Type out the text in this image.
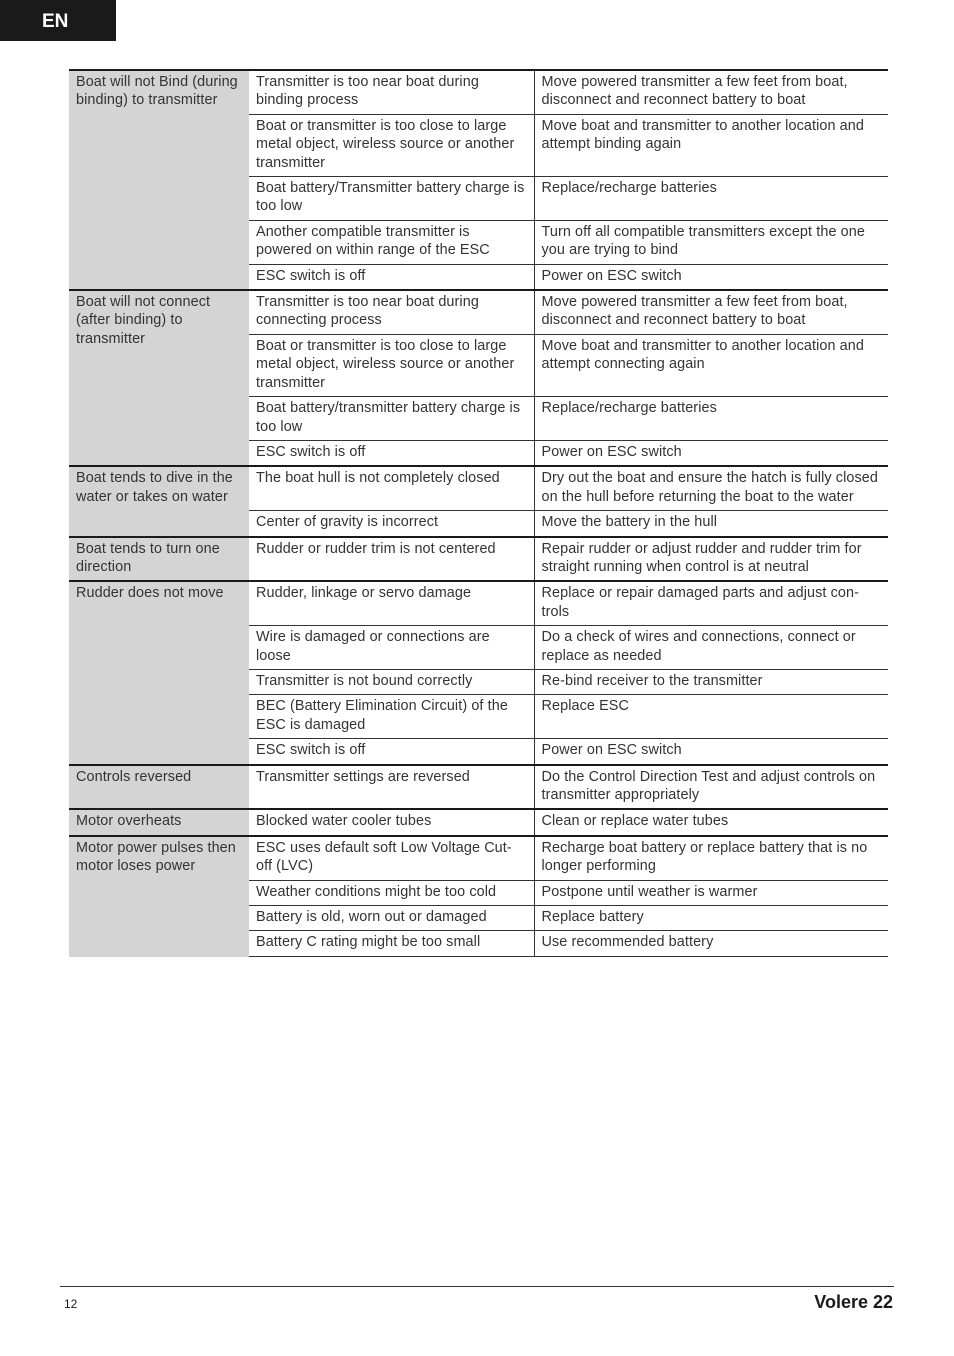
EN
Boat will not Bind (during binding) to transmitter	Transmitter is too near boat during binding process	Move powered transmitter a few feet from boat, disconnect and reconnect battery to boat
	Boat or transmitter is too close to large metal object, wireless source or another transmitter	Move boat and transmitter to another location and attempt binding again
	Boat battery/Transmitter battery charge is too low	Replace/recharge batteries
	Another compatible transmitter is powered on within range of the ESC	Turn off all compatible transmitters except the one you are trying to bind
	ESC switch is off	Power on ESC switch
Boat will not connect (after binding) to transmitter	Transmitter is too near boat during connecting process	Move powered transmitter a few feet from boat, disconnect and reconnect battery to boat
	Boat or transmitter is too close to large metal object, wireless source or another transmitter	Move boat and transmitter to another location and attempt connecting again
	Boat battery/transmitter battery charge is too low	Replace/recharge batteries
	ESC switch is off	Power on ESC switch
Boat tends to dive in the water or takes on water	The boat hull is not completely closed	Dry out the boat and ensure the hatch is fully closed on the hull before returning the boat to the water
	Center of gravity is incorrect	Move the battery in the hull
Boat tends to turn one direction	Rudder or rudder trim is not centered	Repair rudder or adjust rudder and rudder trim for straight running when control is at neutral
Rudder does not move	Rudder, linkage or servo damage	Replace or repair damaged parts and adjust con-trols
	Wire is damaged or connections are loose	Do a check of wires and connections, connect or replace as needed
	Transmitter is not bound correctly	Re-bind receiver to the transmitter
	BEC (Battery Elimination Circuit) of the ESC is damaged	Replace ESC
	ESC switch is off	Power on ESC switch
Controls reversed	Transmitter settings are reversed	Do the Control Direction Test and adjust controls on transmitter appropriately
Motor overheats	Blocked water cooler tubes	Clean or replace water tubes
Motor power pulses then motor loses power	ESC uses default soft Low Voltage Cut-off (LVC)	Recharge boat battery or replace battery that is no longer performing
	Weather conditions might be too cold	Postpone until weather is warmer
	Battery is old, worn out or damaged	Replace battery
	Battery C rating might be too small	Use recommended battery
12	Volere 22
